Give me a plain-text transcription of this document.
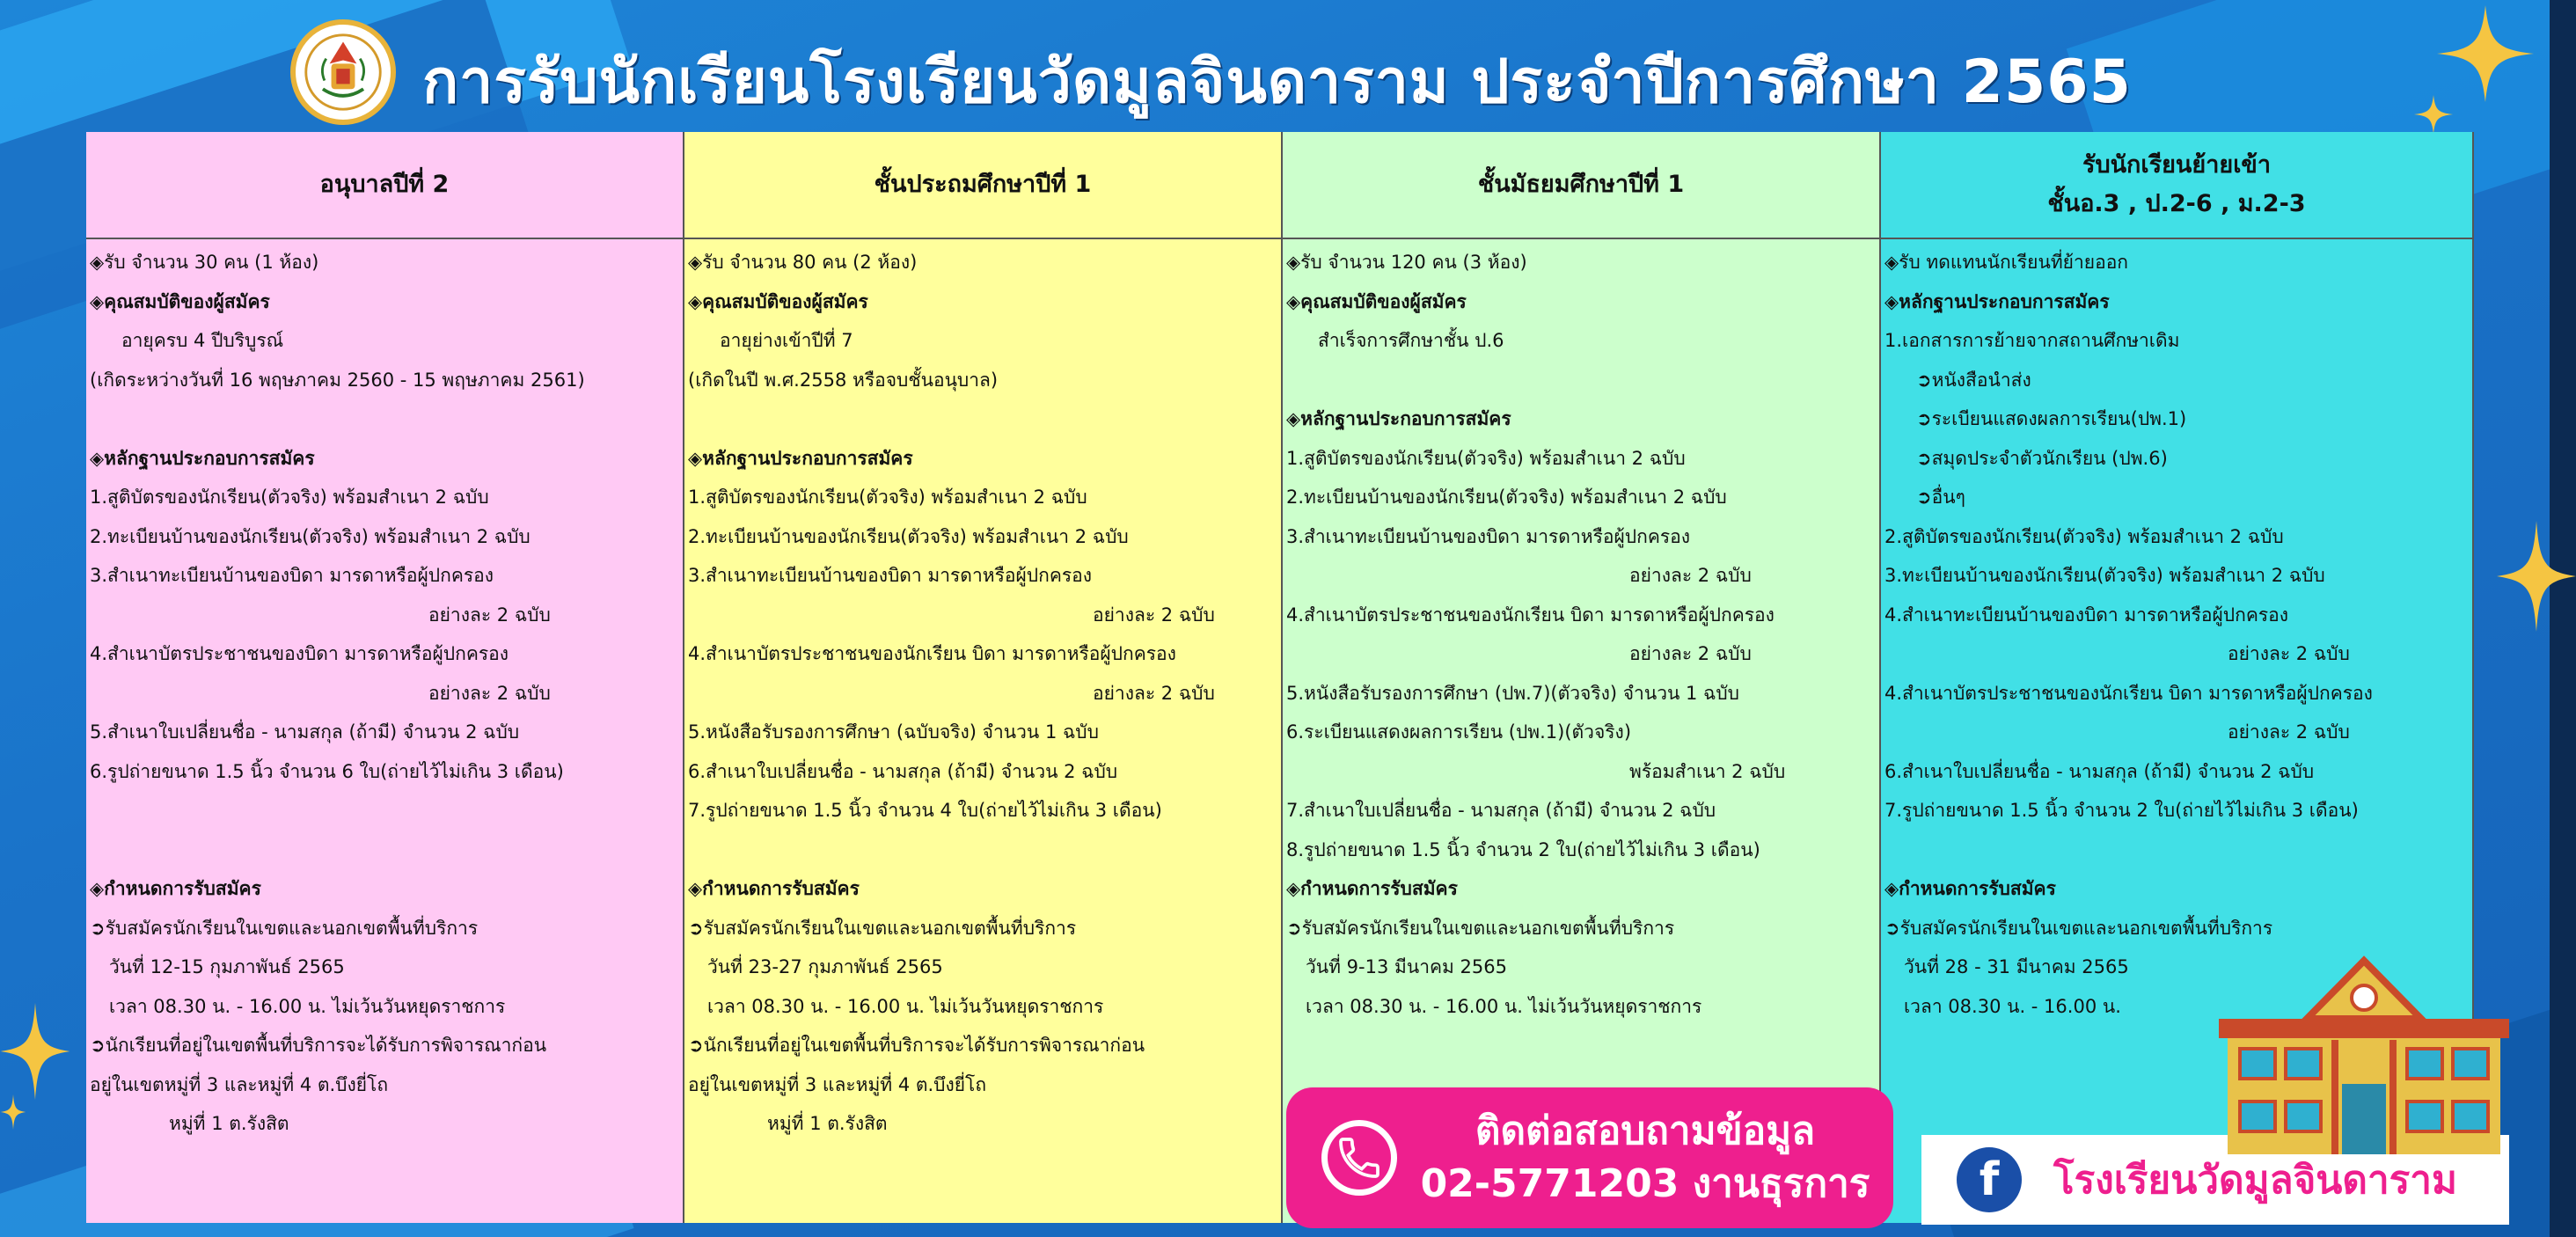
การรับนักเรียนโรงเรียนวัดมูลจินดาราม ประจำปีการศึกษา 2565
อนุบาลปีที่ 2
◈รับ จำนวน 30 คน (1 ห้อง)
◈คุณสมบัติของผู้สมัคร
อายุครบ 4 ปีบริบูรณ์
(เกิดระหว่างวันที่ 16 พฤษภาคม 2560 - 15 พฤษภาคม 2561)
◈หลักฐานประกอบการสมัคร
1.สูติบัตรของนักเรียน(ตัวจริง) พร้อมสำเนา 2 ฉบับ
2.ทะเบียนบ้านของนักเรียน(ตัวจริง) พร้อมสำเนา 2 ฉบับ
3.สำเนาทะเบียนบ้านของบิดา มารดาหรือผู้ปกครอง
อย่างละ 2 ฉบับ
4.สำเนาบัตรประชาชนของบิดา มารดาหรือผู้ปกครอง
อย่างละ 2 ฉบับ
5.สำเนาใบเปลี่ยนชื่อ - นามสกุล (ถ้ามี) จำนวน 2 ฉบับ
6.รูปถ่ายขนาด 1.5 นิ้ว จำนวน 6 ใบ(ถ่ายไว้ไม่เกิน 3 เดือน)
◈กำหนดการรับสมัคร
➲รับสมัครนักเรียนในเขตและนอกเขตพื้นที่บริการ
วันที่ 12-15 กุมภาพันธ์ 2565
เวลา 08.30 น. - 16.00 น. ไม่เว้นวันหยุดราชการ
➲นักเรียนที่อยู่ในเขตพื้นที่บริการจะได้รับการพิจารณาก่อน
อยู่ในเขตหมู่ที่ 3 และหมู่ที่ 4 ต.บึงยี่โถ
หมู่ที่ 1 ต.รังสิต
ชั้นประถมศึกษาปีที่ 1
◈รับ จำนวน 80 คน (2 ห้อง)
◈คุณสมบัติของผู้สมัคร
อายุย่างเข้าปีที่ 7
(เกิดในปี พ.ศ.2558 หรือจบชั้นอนุบาล)
◈หลักฐานประกอบการสมัคร
1.สูติบัตรของนักเรียน(ตัวจริง) พร้อมสำเนา 2 ฉบับ
2.ทะเบียนบ้านของนักเรียน(ตัวจริง) พร้อมสำเนา 2 ฉบับ
3.สำเนาทะเบียนบ้านของบิดา มารดาหรือผู้ปกครอง
อย่างละ 2 ฉบับ
4.สำเนาบัตรประชาชนของนักเรียน บิดา มารดาหรือผู้ปกครอง
อย่างละ 2 ฉบับ
5.หนังสือรับรองการศึกษา (ฉบับจริง) จำนวน 1 ฉบับ
6.สำเนาใบเปลี่ยนชื่อ - นามสกุล (ถ้ามี) จำนวน 2 ฉบับ
7.รูปถ่ายขนาด 1.5 นิ้ว จำนวน 4 ใบ(ถ่ายไว้ไม่เกิน 3 เดือน)
◈กำหนดการรับสมัคร
➲รับสมัครนักเรียนในเขตและนอกเขตพื้นที่บริการ
วันที่ 23-27 กุมภาพันธ์ 2565
เวลา 08.30 น. - 16.00 น. ไม่เว้นวันหยุดราชการ
➲นักเรียนที่อยู่ในเขตพื้นที่บริการจะได้รับการพิจารณาก่อน
อยู่ในเขตหมู่ที่ 3 และหมู่ที่ 4 ต.บึงยี่โถ
หมู่ที่ 1 ต.รังสิต
ชั้นมัธยมศึกษาปีที่ 1
◈รับ จำนวน 120 คน (3 ห้อง)
◈คุณสมบัติของผู้สมัคร
สำเร็จการศึกษาชั้น ป.6
◈หลักฐานประกอบการสมัคร
1.สูติบัตรของนักเรียน(ตัวจริง) พร้อมสำเนา 2 ฉบับ
2.ทะเบียนบ้านของนักเรียน(ตัวจริง) พร้อมสำเนา 2 ฉบับ
3.สำเนาทะเบียนบ้านของบิดา มารดาหรือผู้ปกครอง
อย่างละ 2 ฉบับ
4.สำเนาบัตรประชาชนของนักเรียน บิดา มารดาหรือผู้ปกครอง
อย่างละ 2 ฉบับ
5.หนังสือรับรองการศึกษา (ปพ.7)(ตัวจริง) จำนวน 1 ฉบับ
6.ระเบียนแสดงผลการเรียน (ปพ.1)(ตัวจริง)
พร้อมสำเนา 2 ฉบับ
7.สำเนาใบเปลี่ยนชื่อ - นามสกุล (ถ้ามี) จำนวน 2 ฉบับ
8.รูปถ่ายขนาด 1.5 นิ้ว จำนวน 2 ใบ(ถ่ายไว้ไม่เกิน 3 เดือน)
◈กำหนดการรับสมัคร
➲รับสมัครนักเรียนในเขตและนอกเขตพื้นที่บริการ
วันที่ 9-13 มีนาคม 2565
เวลา 08.30 น. - 16.00 น. ไม่เว้นวันหยุดราชการ
รับนักเรียนย้ายเข้า
ชั้นอ.3 , ป.2-6 , ม.2-3
◈รับ ทดแทนนักเรียนที่ย้ายออก
◈หลักฐานประกอบการสมัคร
1.เอกสารการย้ายจากสถานศึกษาเดิม
➲หนังสือนำส่ง
➲ระเบียนแสดงผลการเรียน(ปพ.1)
➲สมุดประจำตัวนักเรียน (ปพ.6)
➲อื่นๆ
2.สูติบัตรของนักเรียน(ตัวจริง) พร้อมสำเนา 2 ฉบับ
3.ทะเบียนบ้านของนักเรียน(ตัวจริง) พร้อมสำเนา 2 ฉบับ
4.สำเนาทะเบียนบ้านของบิดา มารดาหรือผู้ปกครอง
อย่างละ 2 ฉบับ
4.สำเนาบัตรประชาชนของนักเรียน บิดา มารดาหรือผู้ปกครอง
อย่างละ 2 ฉบับ
6.สำเนาใบเปลี่ยนชื่อ - นามสกุล (ถ้ามี) จำนวน 2 ฉบับ
7.รูปถ่ายขนาด 1.5 นิ้ว จำนวน 2 ใบ(ถ่ายไว้ไม่เกิน 3 เดือน)
◈กำหนดการรับสมัคร
➲รับสมัครนักเรียนในเขตและนอกเขตพื้นที่บริการ
วันที่ 28 - 31 มีนาคม 2565
เวลา 08.30 น. - 16.00 น.
ติดต่อสอบถามข้อมูล
02-5771203 งานธุรการ	f	โรงเรียนวัดมูลจินดาราม
